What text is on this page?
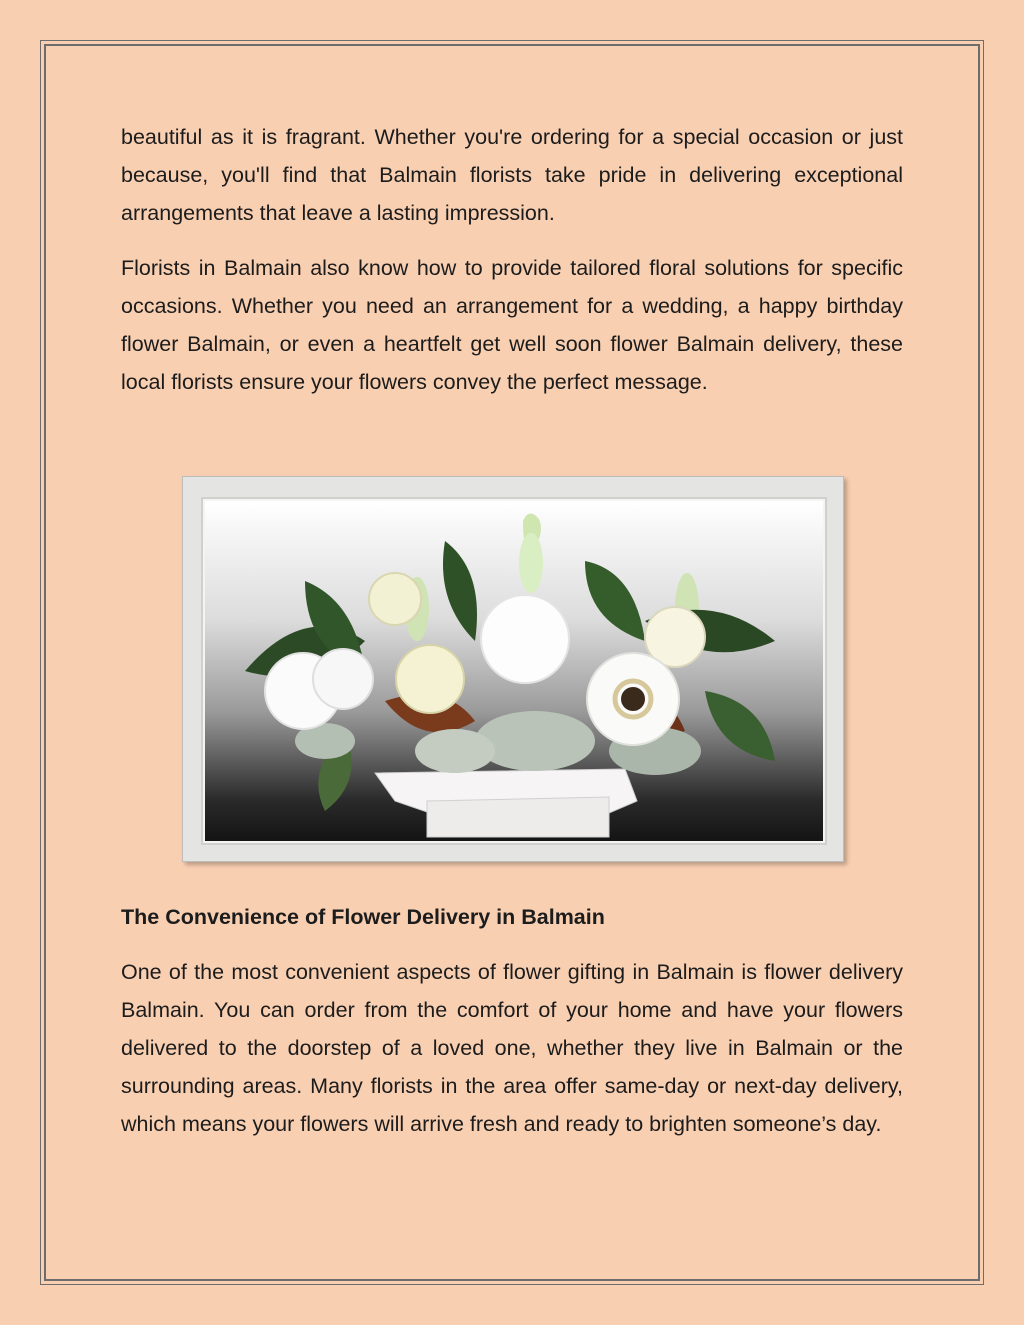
beautiful as it is fragrant. Whether you're ordering for a special occasion or just because, you'll find that Balmain florists take pride in delivering exceptional arrangements that leave a lasting impression.

Florists in Balmain also know how to provide tailored floral solutions for specific occasions. Whether you need an arrangement for a wedding, a happy birthday flower Balmain, or even a heartfelt get well soon flower Balmain delivery, these local florists ensure your flowers convey the perfect message.

The Convenience of Flower Delivery in Balmain

One of the most convenient aspects of flower gifting in Balmain is flower delivery Balmain. You can order from the comfort of your home and have your flowers delivered to the doorstep of a loved one, whether they live in Balmain or the surrounding areas. Many florists in the area offer same-day or next-day delivery, which means your flowers will arrive fresh and ready to brighten someone’s day.
